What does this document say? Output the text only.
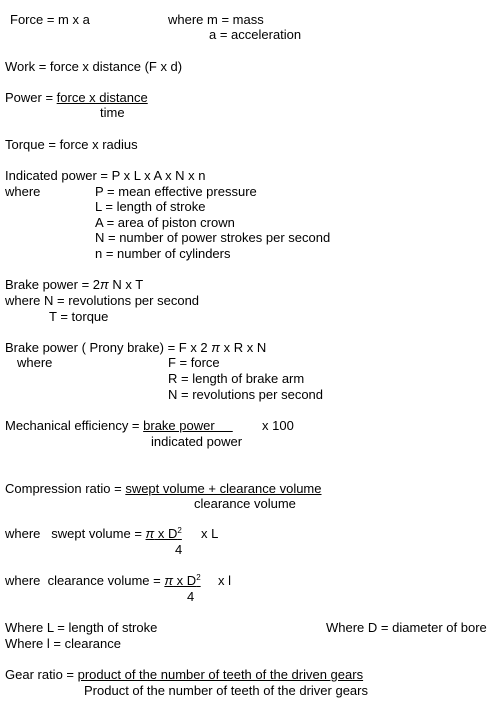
Force = m x a	where m = mass
a = acceleration
Work = force x distance (F x d)
Power = force x distance
time
Torque = force x radius
Indicated power = P x L x A x N x n
where	P = mean effective pressure
L = length of stroke
A = area of piston crown
N = number of power strokes per second
n = number of cylinders
Brake power = 2π N x T
where N = revolutions per second
T = torque
Brake power ( Prony brake) = F x 2 π x R x N
where	F = force
R = length of brake arm
N = revolutions per second
Mechanical efficiency = brake power x 100
indicated power
Compression ratio = swept volume + clearance volume
clearance volume
where   swept volume = π x $D^2$ x L
4
where  clearance volume = π x $D^2$ x l
4
Where L = length of stroke	Where D = diameter of bore
Where l = clearance
Gear ratio = product of the number of teeth of the driven gears
Product of the number of teeth of the driver gears
